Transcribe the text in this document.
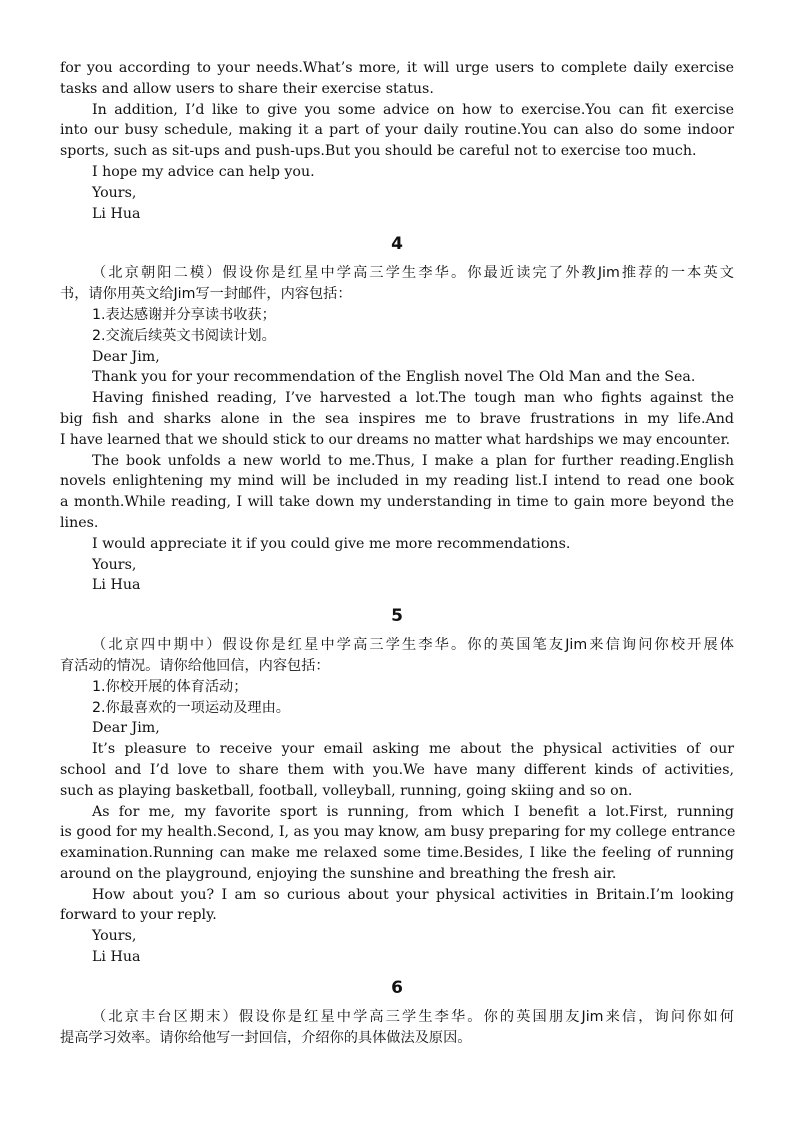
for you according to your needs.What’s more, it will urge users to complete daily exercise
tasks and allow users to share their exercise status.
In addition, I’d like to give you some advice on how to exercise.You can fit exercise
into our busy schedule, making it a part of your daily routine.You can also do some indoor
sports, such as sit-ups and push-ups.But you should be careful not to exercise too much.
I hope my advice can help you.
Yours,
Li Hua
4
（北京朝阳二模）假设你是红星中学高三学生李华。你最近读完了外教Jim推荐的一本英文
书，请你用英文给Jim写一封邮件，内容包括：
1.表达感谢并分享读书收获；
2.交流后续英文书阅读计划。
Dear Jim,
Thank you for your recommendation of the English novel The Old Man and the Sea.
Having finished reading, I’ve harvested a lot.The tough man who fights against the
big fish and sharks alone in the sea inspires me to brave frustrations in my life.And
I have learned that we should stick to our dreams no matter what hardships we may encounter.
The book unfolds a new world to me.Thus, I make a plan for further reading.English
novels enlightening my mind will be included in my reading list.I intend to read one book
a month.While reading, I will take down my understanding in time to gain more beyond the
lines.
I would appreciate it if you could give me more recommendations.
Yours,
Li Hua
5
（北京四中期中）假设你是红星中学高三学生李华。你的英国笔友Jim来信询问你校开展体
育活动的情况。请你给他回信，内容包括：
1.你校开展的体育活动；
2.你最喜欢的一项运动及理由。
Dear Jim,
It’s pleasure to receive your email asking me about the physical activities of our
school and I’d love to share them with you.We have many different kinds of activities,
such as playing basketball, football, volleyball, running, going skiing and so on.
As for me, my favorite sport is running, from which I benefit a lot.First, running
is good for my health.Second, I, as you may know, am busy preparing for my college entrance
examination.Running can make me relaxed some time.Besides, I like the feeling of running
around on the playground, enjoying the sunshine and breathing the fresh air.
How about you? I am so curious about your physical activities in Britain.I’m looking
forward to your reply.
Yours,
Li Hua
6
（北京丰台区期末）假设你是红星中学高三学生李华。你的英国朋友Jim来信，询问你如何
提高学习效率。请你给他写一封回信，介绍你的具体做法及原因。
